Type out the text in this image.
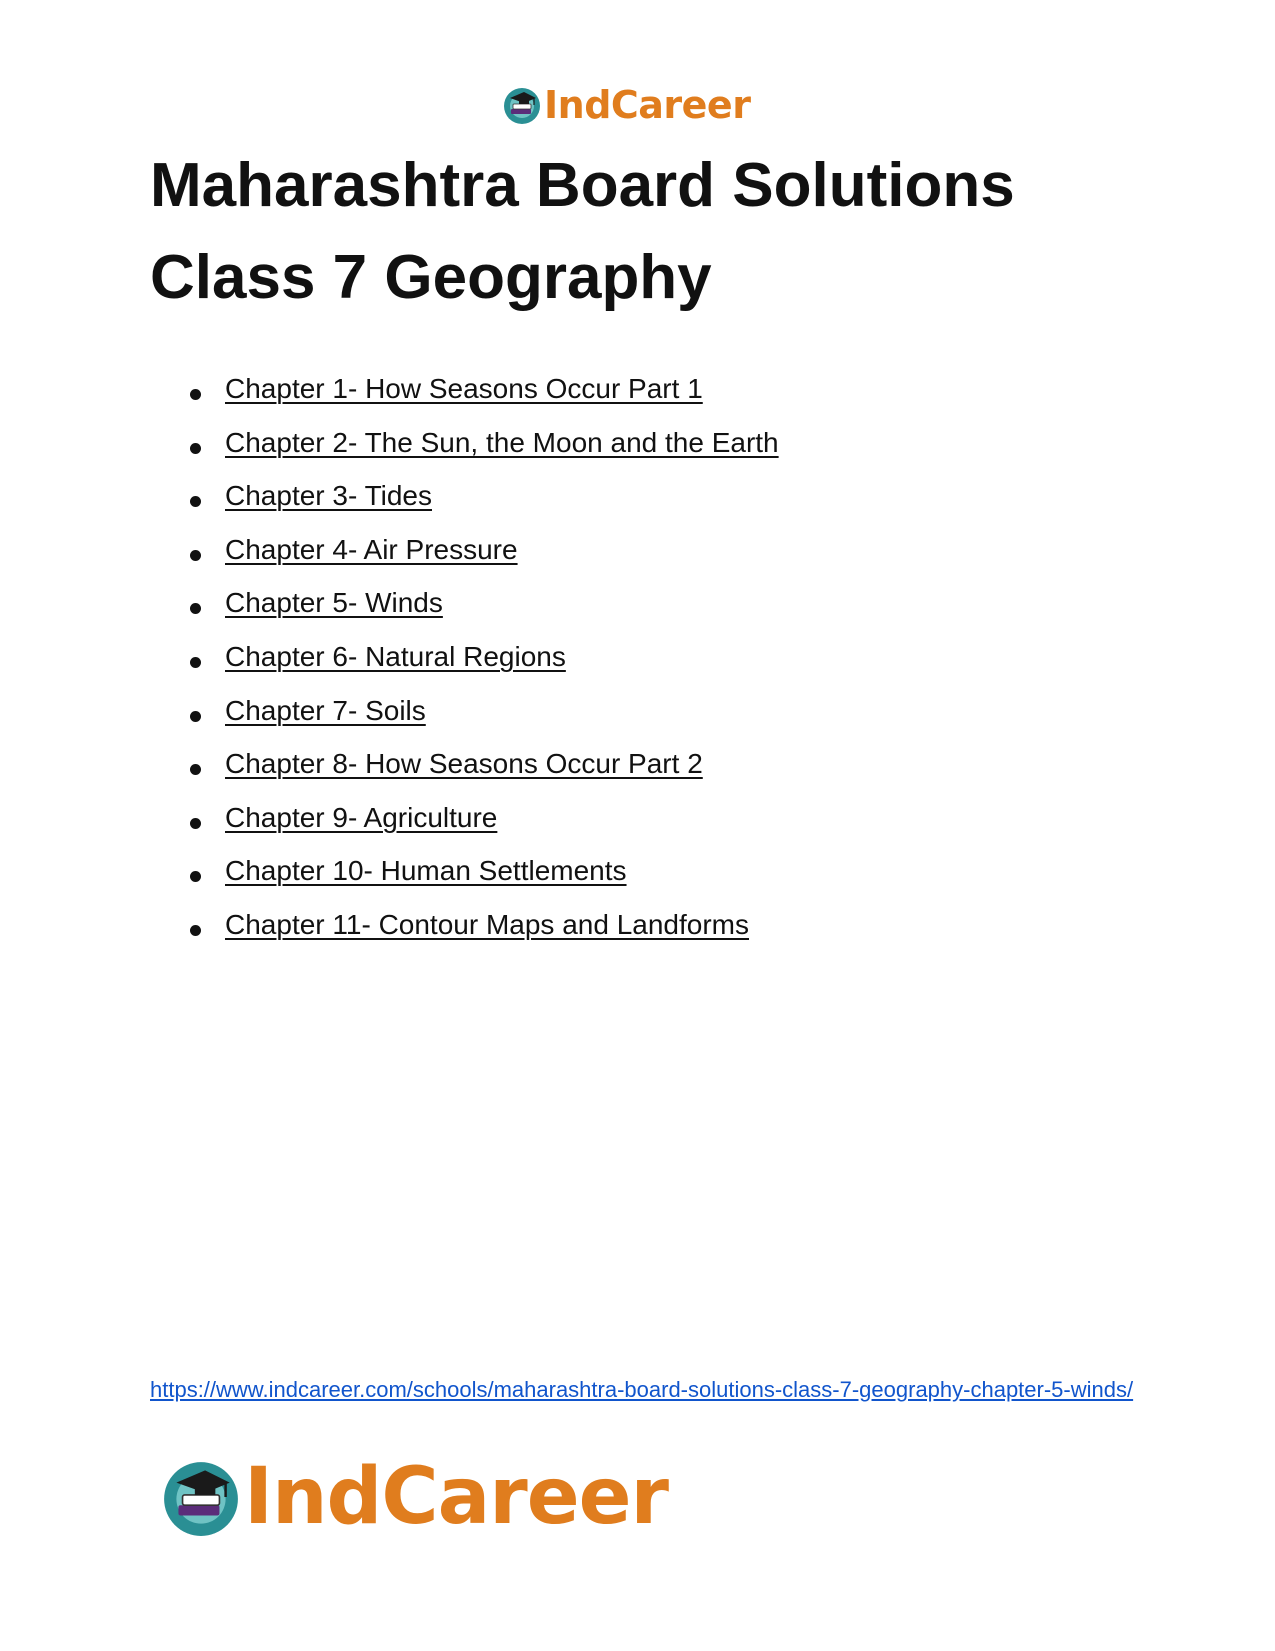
IndCareer
Maharashtra Board Solutions Class 7 Geography
Chapter 1- How Seasons Occur Part 1
Chapter 2- The Sun, the Moon and the Earth
Chapter 3- Tides
Chapter 4- Air Pressure
Chapter 5- Winds
Chapter 6- Natural Regions
Chapter 7- Soils
Chapter 8- How Seasons Occur Part 2
Chapter 9- Agriculture
Chapter 10- Human Settlements
Chapter 11- Contour Maps and Landforms
https://www.indcareer.com/schools/maharashtra-board-solutions-class-7-geography-chapter-5-winds/
IndCareer
